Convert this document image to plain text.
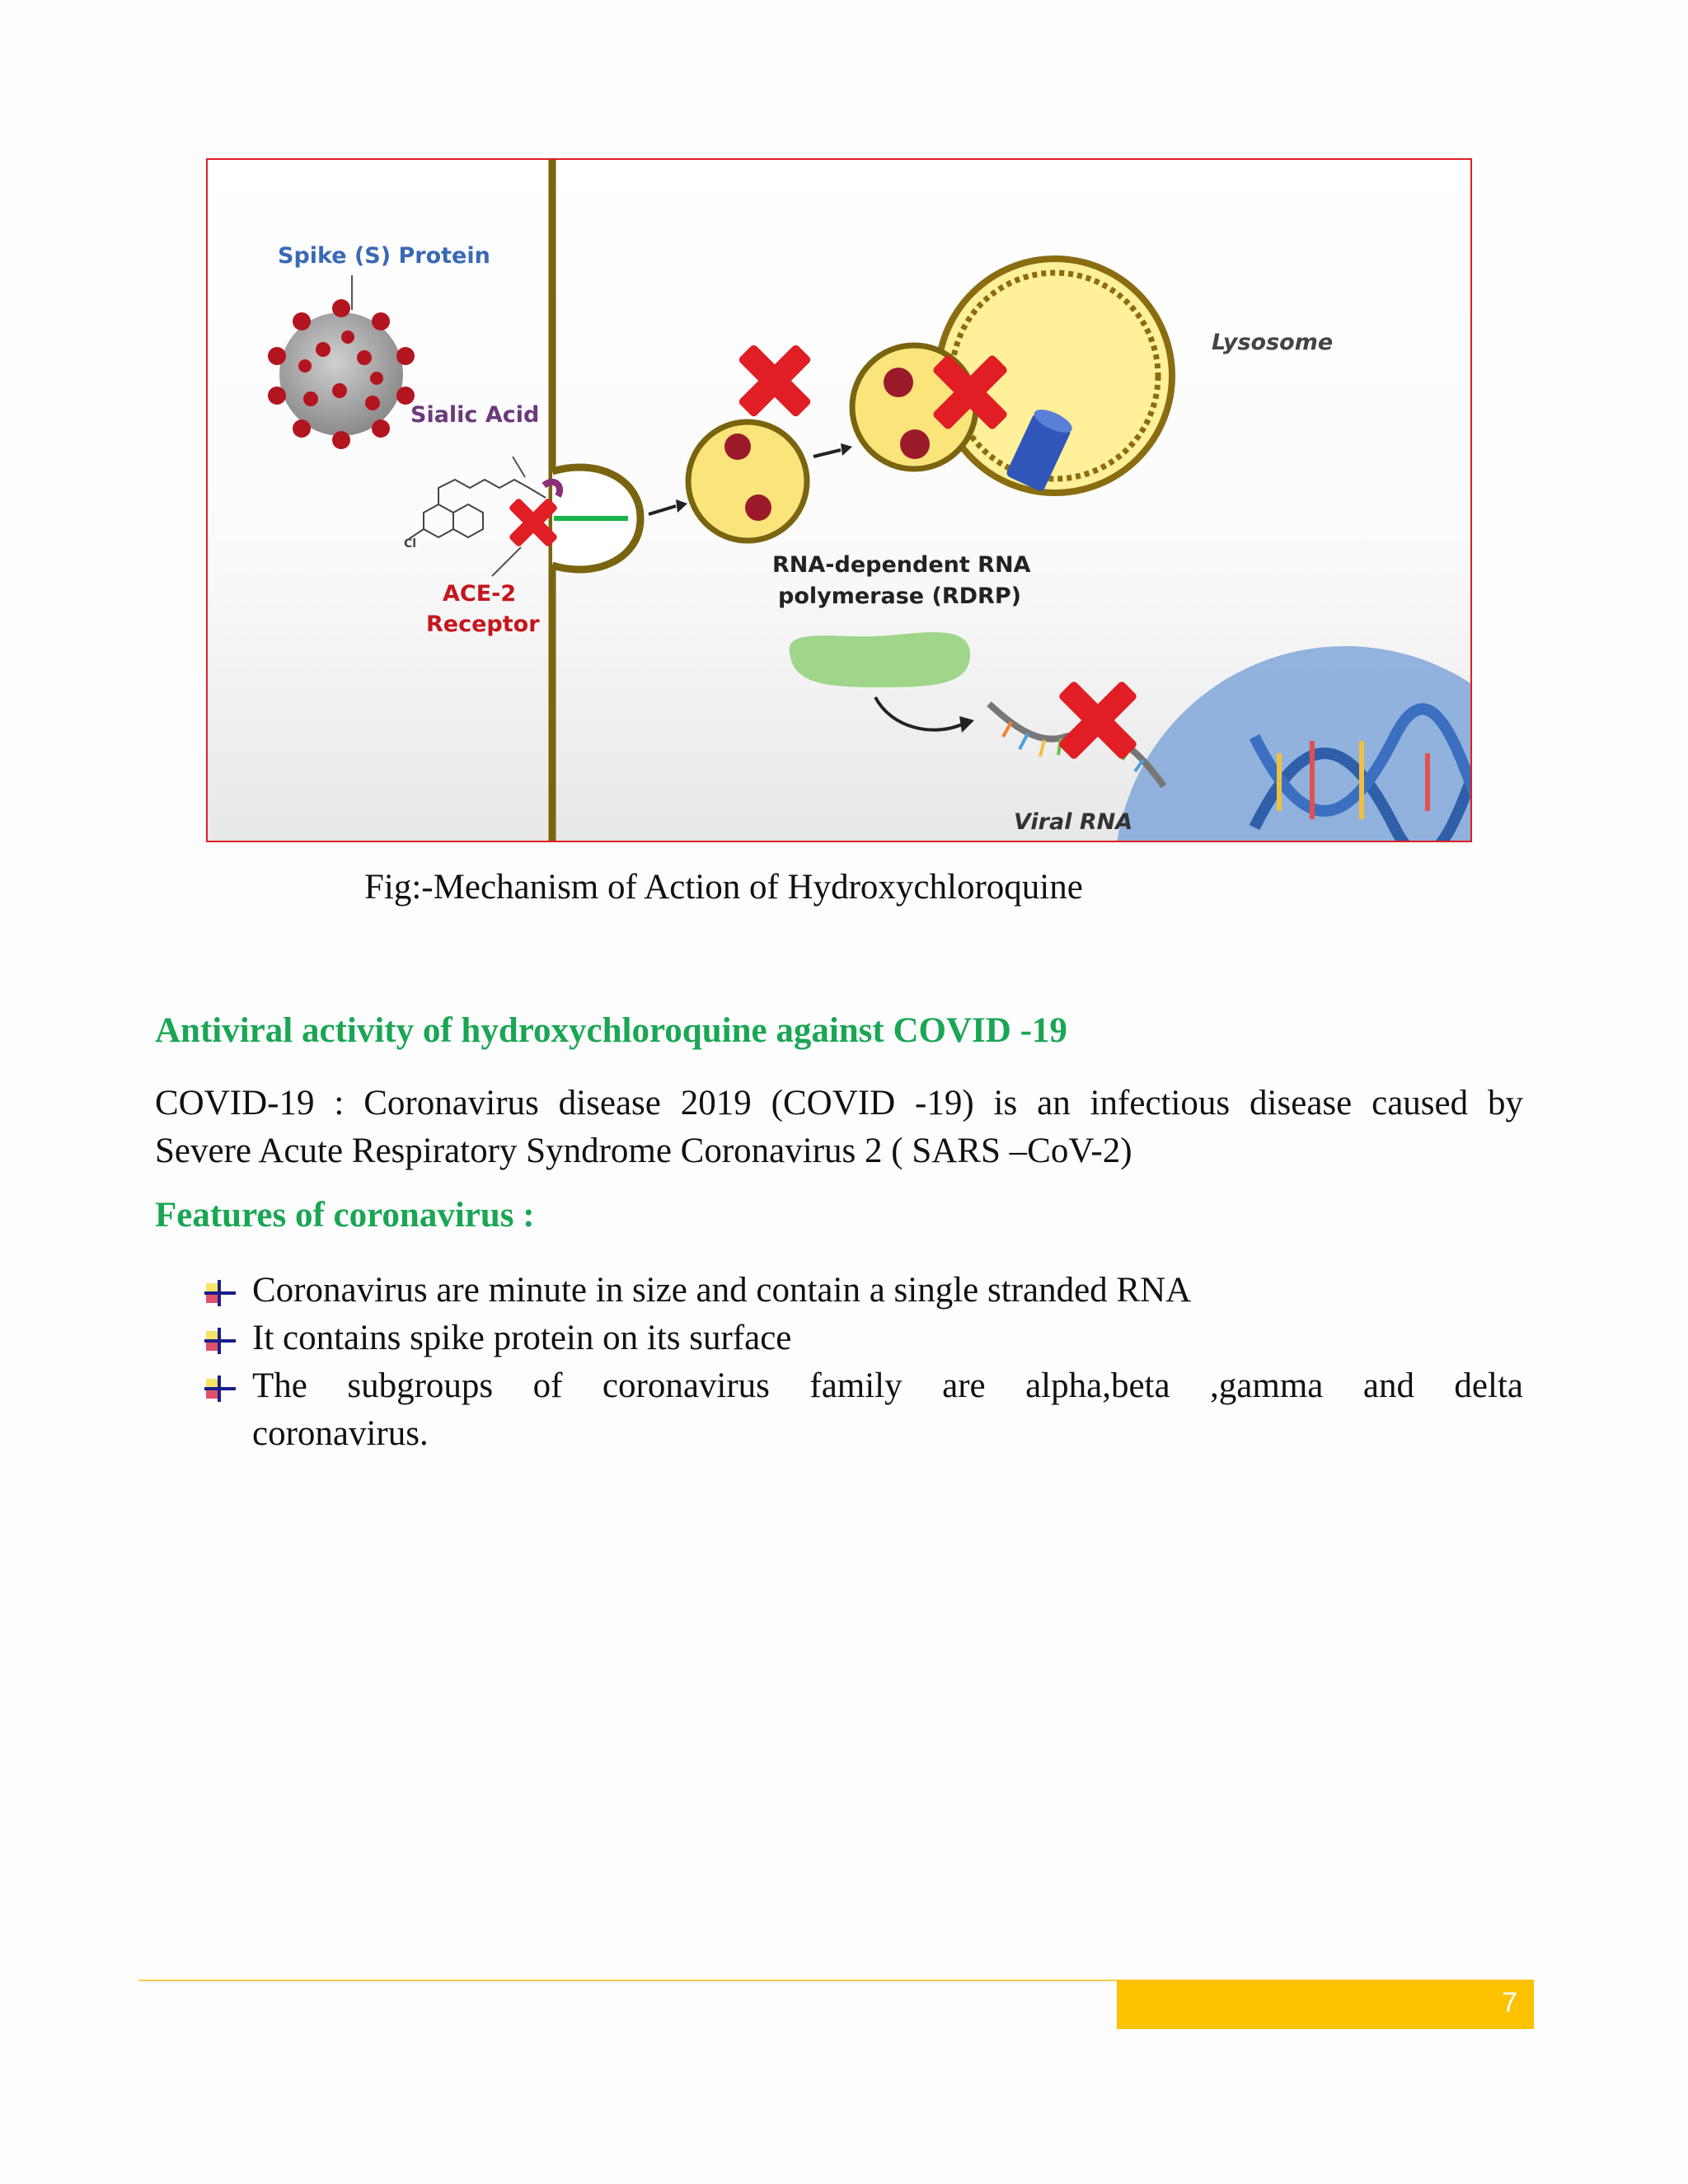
Spike (S) Protein
Cl
Sialic Acid
ACE-2
Receptor
Lysosome
RNA-dependent RNA
polymerase (RDRP)
Viral RNA
Fig:-Mechanism of Action of Hydroxychloroquine
Antiviral activity of hydroxychloroquine against COVID -19
COVID-19 : Coronavirus disease 2019 (COVID -19) is an infectious disease caused by
Severe Acute Respiratory Syndrome Coronavirus 2 ( SARS –CoV-2)
Features of coronavirus :
Coronavirus are minute in size and contain a single stranded RNA
It contains spike protein on its surface
The subgroups of coronavirus family are alpha,beta ,gamma and delta
coronavirus.
7
